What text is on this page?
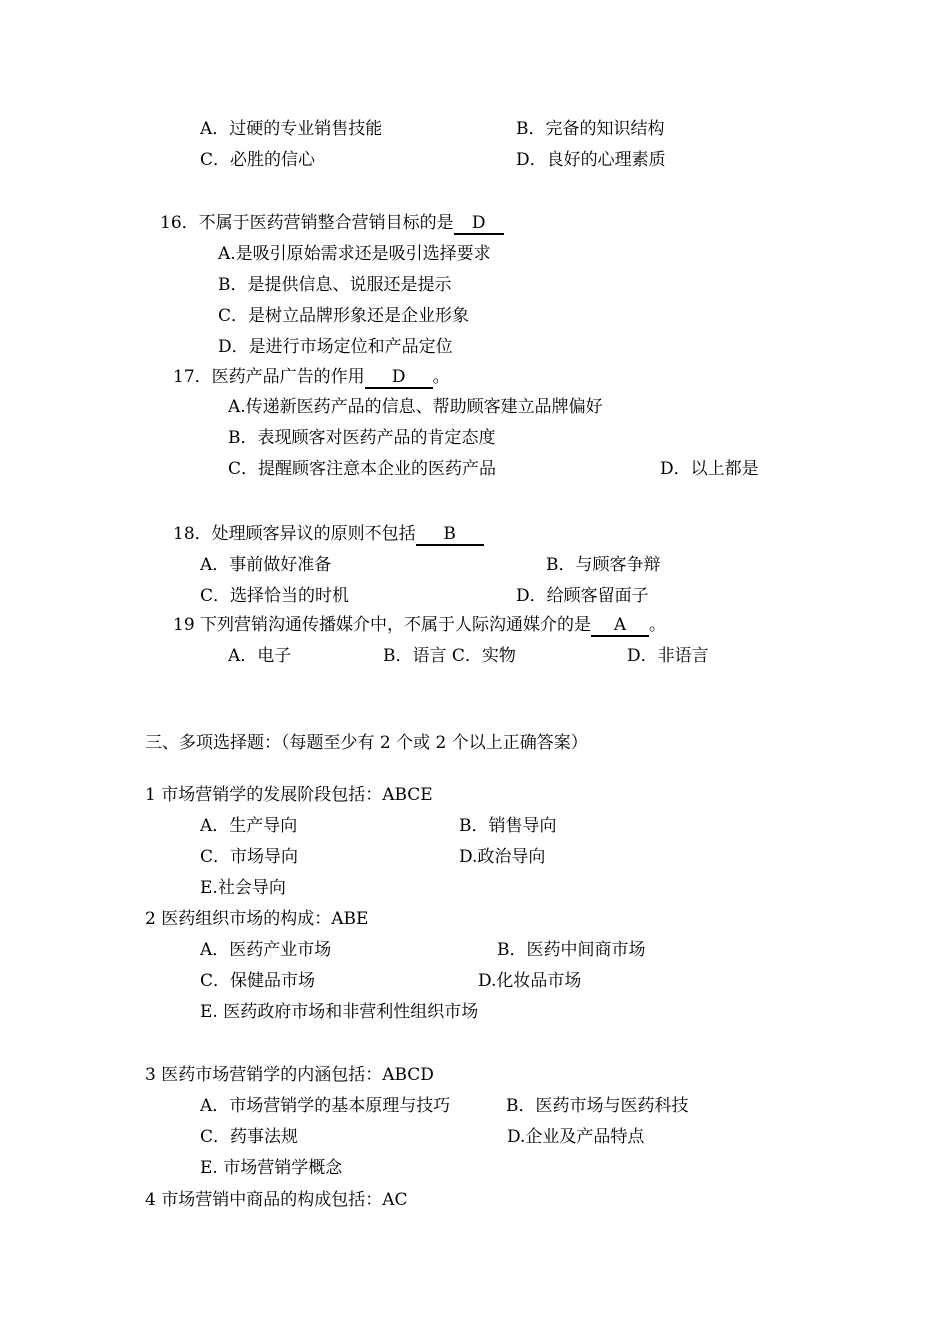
A．过硬的专业销售技能	B．完备的知识结构
C．必胜的信心	D．良好的心理素质
16．不属于医药营销整合营销目标的是 D
A.是吸引原始需求还是吸引选择要求
B．是提供信息、说服还是提示
C．是树立品牌形象还是企业形象
D．是进行市场定位和产品定位
17．医药产品广告的作用 D 。
A.传递新医药产品的信息、帮助顾客建立品牌偏好
B．表现顾客对医药产品的肯定态度
C．提醒顾客注意本企业的医药产品	D．以上都是
18．处理顾客异议的原则不包括 B
A．事前做好准备	B．与顾客争辩
C．选择恰当的时机	D．给顾客留面子
19 下列营销沟通传播媒介中，不属于人际沟通媒介的是 A 。
A．电子	B．语言 C．实物	D．非语言
三、多项选择题：（每题至少有 2 个或 2 个以上正确答案）
1 市场营销学的发展阶段包括：ABCE
A．生产导向	B．销售导向
C．市场导向	D.政治导向
E.社会导向
2 医药组织市场的构成：ABE
A．医药产业市场	B．医药中间商市场
C．保健品市场	D.化妆品市场
E. 医药政府市场和非营利性组织市场
3 医药市场营销学的内涵包括：ABCD
A．市场营销学的基本原理与技巧	B．医药市场与医药科技
C．药事法规	D.企业及产品特点
E. 市场营销学概念
4 市场营销中商品的构成包括：AC
